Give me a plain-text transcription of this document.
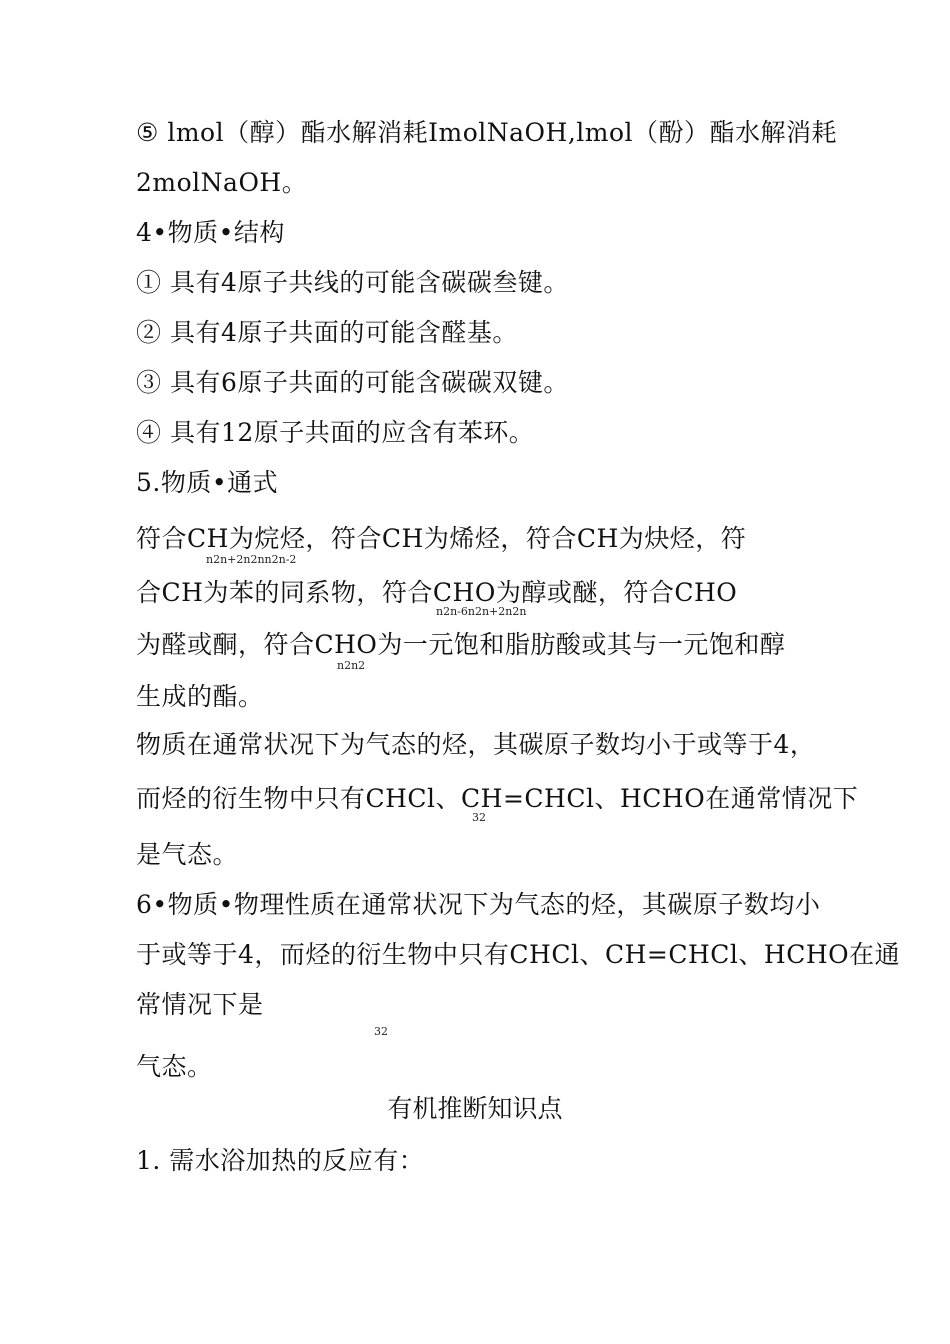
⑤ lmol（醇）酯水解消耗ImolNaOH,lmol（酚）酯水解消耗
2molNaOH。
4•物质•结构
① 具有4原子共线的可能含碳碳叁键。
② 具有4原子共面的可能含醛基。
③ 具有6原子共面的可能含碳碳双键。
④ 具有12原子共面的应含有苯环。
5.物质•通式
符合CH为烷烃，符合CH为烯烃，符合CH为炔烃，符
n2n+2n2nn2n-2
合CH为苯的同系物，符合CHO为醇或醚，符合CHO
n2n-6n2n+2n2n
为醛或酮，符合CHO为一元饱和脂肪酸或其与一元饱和醇
n2n2
生成的酯。
物质在通常状况下为气态的烃，其碳原子数均小于或等于4，
而烃的衍生物中只有CHCl、CH=CHCl、HCHO在通常情况下
32
是气态。
6•物质•物理性质在通常状况下为气态的烃，其碳原子数均小
于或等于4，而烃的衍生物中只有CHCl、CH=CHCl、HCHO在通
常情况下是
32
气态。
有机推断知识点
1. 需水浴加热的反应有：
